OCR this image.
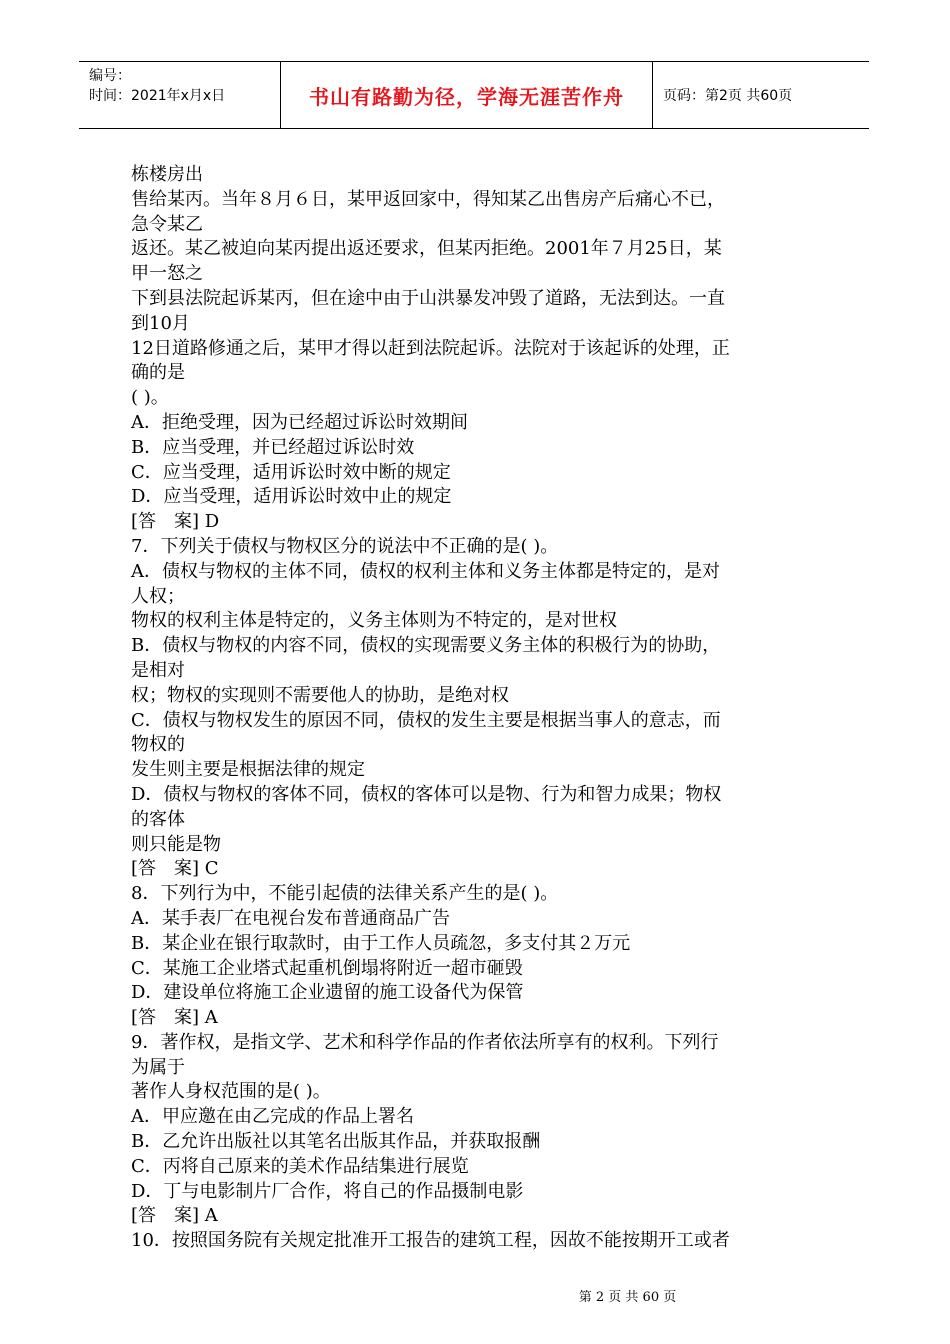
编号：
时间：2021年x月x日	书山有路勤为径，学海无涯苦作舟	页码：第2页 共60页
栋楼房出
售给某丙。当年８月６日，某甲返回家中，得知某乙出售房产后痛心不已，
急令某乙
返还。某乙被迫向某丙提出返还要求，但某丙拒绝。2001年７月25日，某
甲一怒之
下到县法院起诉某丙，但在途中由于山洪暴发冲毁了道路，无法到达。一直
到10月
12日道路修通之后，某甲才得以赶到法院起诉。法院对于该起诉的处理，正
确的是
( )。
A．拒绝受理，因为已经超过诉讼时效期间
B．应当受理，并已经超过诉讼时效
C．应当受理，适用诉讼时效中断的规定
D．应当受理，适用诉讼时效中止的规定
[答　案] D
7．下列关于债权与物权区分的说法中不正确的是( )。
A．债权与物权的主体不同，债权的权利主体和义务主体都是特定的，是对
人权；
物权的权利主体是特定的，义务主体则为不特定的，是对世权
B．债权与物权的内容不同，债权的实现需要义务主体的积极行为的协助，
是相对
权；物权的实现则不需要他人的协助，是绝对权
C．债权与物权发生的原因不同，债权的发生主要是根据当事人的意志，而
物权的
发生则主要是根据法律的规定
D．债权与物权的客体不同，债权的客体可以是物、行为和智力成果；物权
的客体
则只能是物
[答　案] C
8．下列行为中，不能引起债的法律关系产生的是( )。
A．某手表厂在电视台发布普通商品广告
B．某企业在银行取款时，由于工作人员疏忽，多支付其２万元
C．某施工企业塔式起重机倒塌将附近一超市砸毁
D．建设单位将施工企业遗留的施工设备代为保管
[答　案] A
9．著作权，是指文学、艺术和科学作品的作者依法所享有的权利。下列行
为属于
著作人身权范围的是( )。
A．甲应邀在由乙完成的作品上署名
B．乙允许出版社以其笔名出版其作品，并获取报酬
C．丙将自己原来的美术作品结集进行展览
D．丁与电影制片厂合作，将自己的作品摄制电影
[答　案] A
10．按照国务院有关规定批准开工报告的建筑工程，因故不能按期开工或者
第 2 页 共 60 页
